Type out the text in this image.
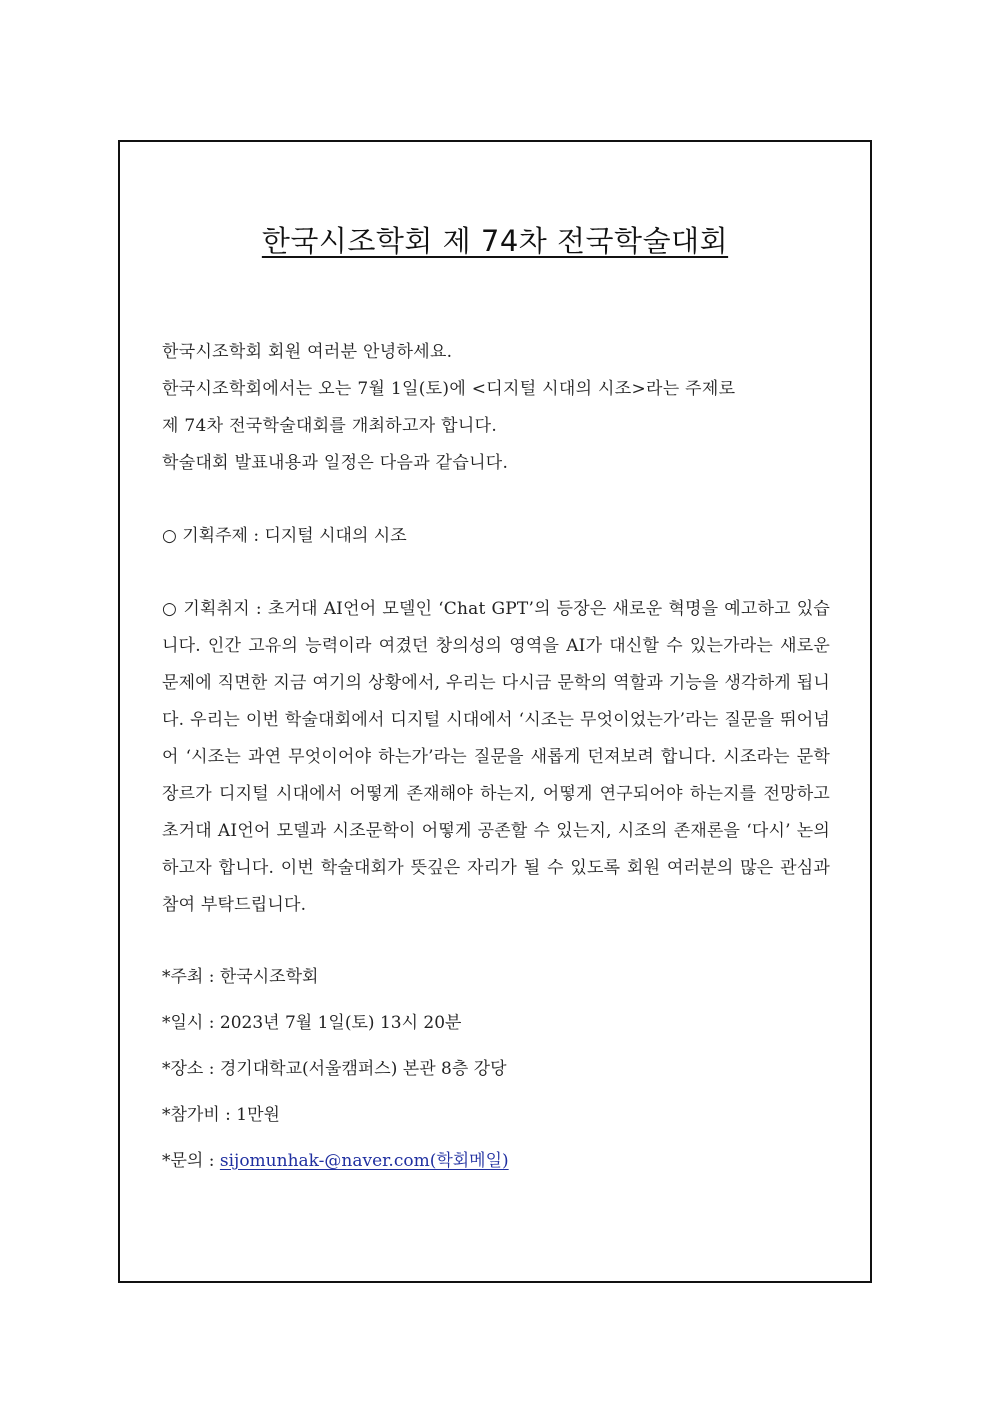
한국시조학회 제 74차 전국학술대회
한국시조학회 회원 여러분 안녕하세요.
한국시조학회에서는 오는 7월 1일(토)에 <디지털 시대의 시조>라는 주제로
제 74차 전국학술대회를 개최하고자 합니다.
학술대회 발표내용과 일정은 다음과 같습니다.

○ 기획주제 : 디지털 시대의 시조

○ 기획취지 : 초거대 AI언어 모델인 ‘Chat GPT’의 등장은 새로운 혁명을 예고하고 있습니다. 인간 고유의 능력이라 여겼던 창의성의 영역을 AI가 대신할 수 있는가라는 새로운 문제에 직면한 지금 여기의 상황에서, 우리는 다시금 문학의 역할과 기능을 생각하게 됩니다. 우리는 이번 학술대회에서 디지털 시대에서 ‘시조는 무엇이었는가’라는 질문을 뛰어넘어 ‘시조는 과연 무엇이어야 하는가’라는 질문을 새롭게 던져보려 합니다. 시조라는 문학 장르가 디지털 시대에서 어떻게 존재해야 하는지, 어떻게 연구되어야 하는지를 전망하고 초거대 AI언어 모델과 시조문학이 어떻게 공존할 수 있는지, 시조의 존재론을 ‘다시’ 논의하고자 합니다. 이번 학술대회가 뜻깊은 자리가 될 수 있도록 회원 여러분의 많은 관심과 참여 부탁드립니다.

*주최 : 한국시조학회

*일시 : 2023년 7월 1일(토) 13시 20분

*장소 : 경기대학교(서울캠퍼스) 본관 8층 강당

*참가비 : 1만원

*문의 : sijomunhak-@naver.com(학회메일)
